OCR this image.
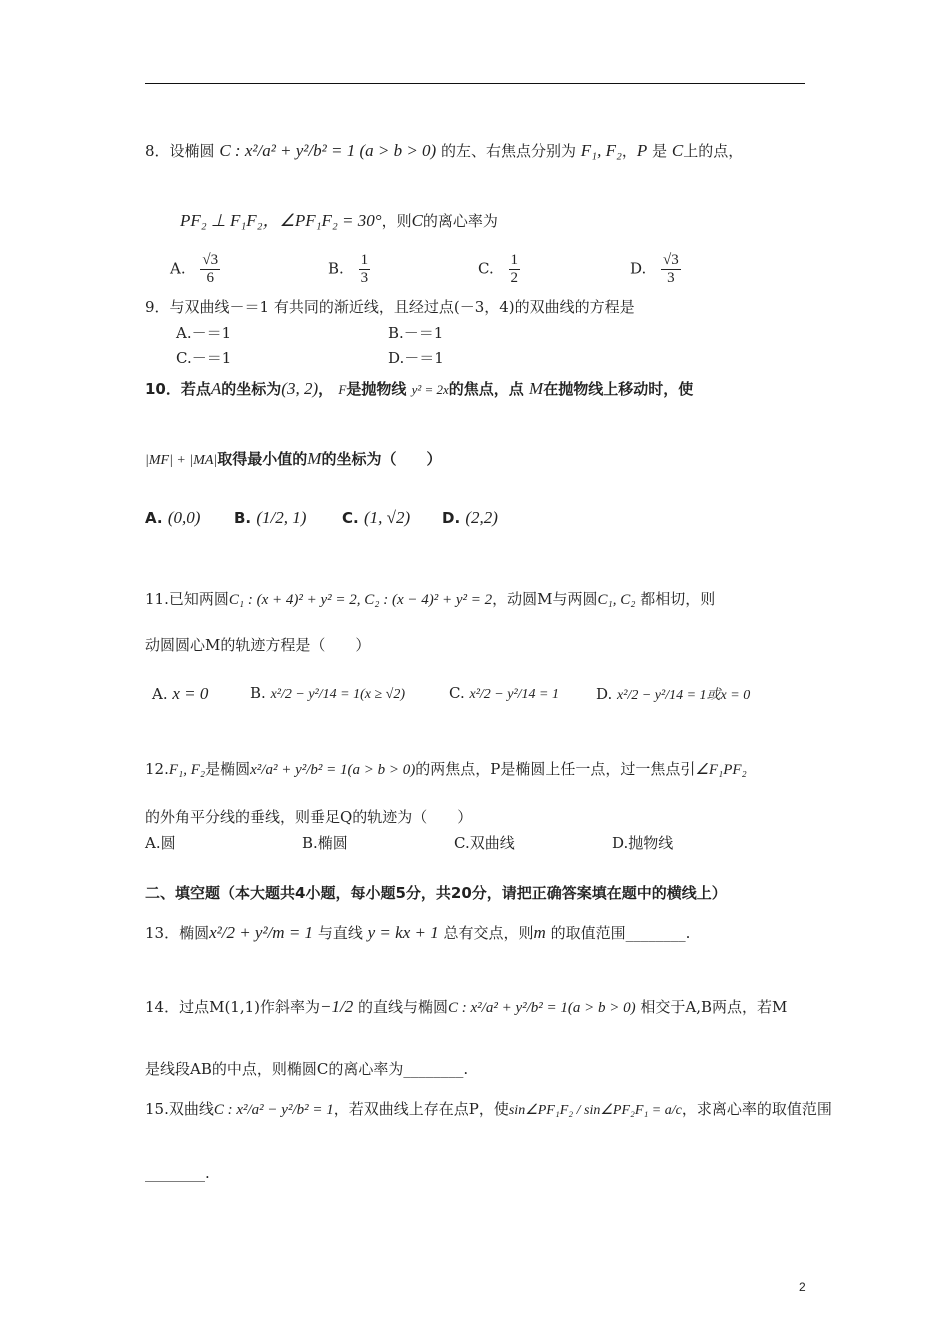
8．设椭圆 C : x²/a² + y²/b² = 1 (a > b > 0) 的左、右焦点分别为 F₁, F₂，P 是 C上的点，
PF₂ ⊥ F₁F₂，∠PF₁F₂ = 30°，则C的离心率为
A. $\frac{√3}{6}$	B. $\frac{1}{3}$	C. $\frac{1}{2}$	D. $\frac{√3}{3}$
9．与双曲线－＝1 有共同的渐近线，且经过点(－3，4)的双曲线的方程是
A.－＝1	B.－＝1
C.－＝1	D.－＝1
10．若点A的坐标为(3, 2)， F是抛物线 y² = 2x的焦点，点 M在抛物线上移动时，使
|MF| + |MA|取得最小值的M的坐标为（　　）
A. (0,0) B. (1/2, 1) C. (1, √2) D. (2,2)
11.已知两圆C₁ : (x + 4)² + y² = 2, C₂ : (x − 4)² + y² = 2，动圆M与两圆C₁, C₂ 都相切，则
动圆圆心M的轨迹方程是（　　）
A. x = 0	B. x²/2 − y²/14 = 1(x ≥ √2)	C. x²/2 − y²/14 = 1 D. x²/2 − y²/14 = 1或x = 0
12.F₁, F₂是椭圆x²/a² + y²/b² = 1(a > b > 0)的两焦点，P是椭圆上任一点，过一焦点引∠F₁PF₂
的外角平分线的垂线，则垂足Q的轨迹为（　　）
A.圆	B.椭圆	C.双曲线	D.抛物线
二、填空题（本大题共4小题，每小题5分，共20分，请把正确答案填在题中的横线上）
13．椭圆x²/2 + y²/m = 1 与直线 y = kx + 1 总有交点，则m 的取值范围________.
14．过点M(1,1)作斜率为−1/2 的直线与椭圆C : x²/a² + y²/b² = 1(a > b > 0) 相交于A,B两点，若M
是线段AB的中点，则椭圆C的离心率为________.
15.双曲线C : x²/a² − y²/b² = 1，若双曲线上存在点P，使sin∠PF₁F₂ / sin∠PF₂F₁ = a/c，求离心率的取值范围
________.
2
